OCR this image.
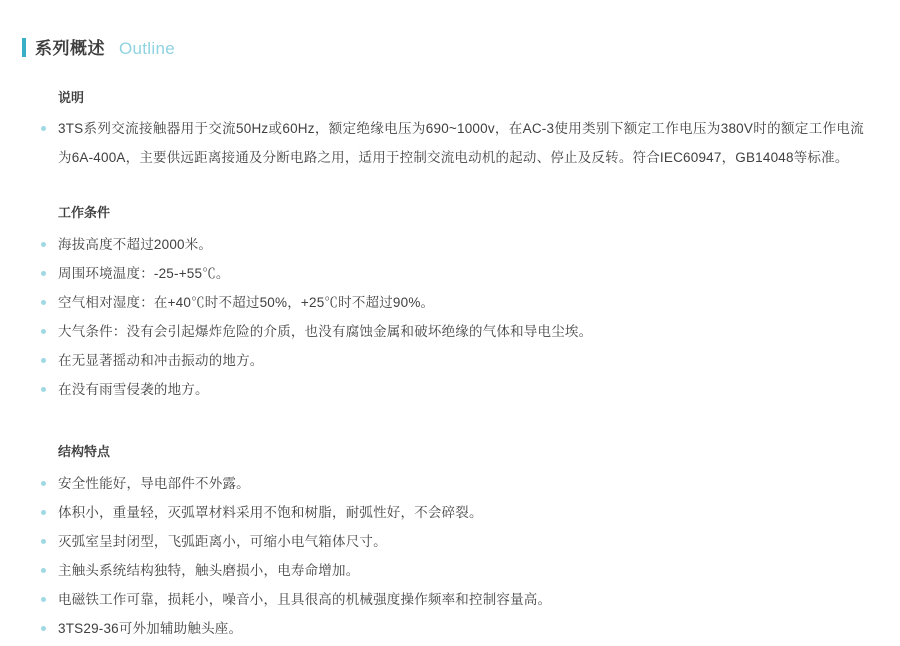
系列概述 Outline

说明

3TS系列交流接触器用于交流50Hz或60Hz，额定绝缘电压为690~1000v，在AC-3使用类别下额定工作电压为380V时的额定工作电流为6A-400A，主要供远距离接通及分断电路之用，适用于控制交流电动机的起动、停止及反转。符合IEC60947，GB14048等标准。

工作条件

海拔高度不超过2000米。
周围环境温度：-25-+55℃。
空气相对湿度：在+40℃时不超过50%，+25℃时不超过90%。
大气条件：没有会引起爆炸危险的介质，也没有腐蚀金属和破坏绝缘的气体和导电尘埃。
在无显著摇动和冲击振动的地方。
在没有雨雪侵袭的地方。

结构特点

安全性能好，导电部件不外露。
体积小，重量轻，灭弧罩材料采用不饱和树脂，耐弧性好，不会碎裂。
灭弧室呈封闭型，飞弧距离小，可缩小电气箱体尺寸。
主触头系统结构独特，触头磨损小，电寿命增加。
电磁铁工作可靠，损耗小，噪音小，且具很高的机械强度操作频率和控制容量高。
3TS29-36可外加辅助触头座。
